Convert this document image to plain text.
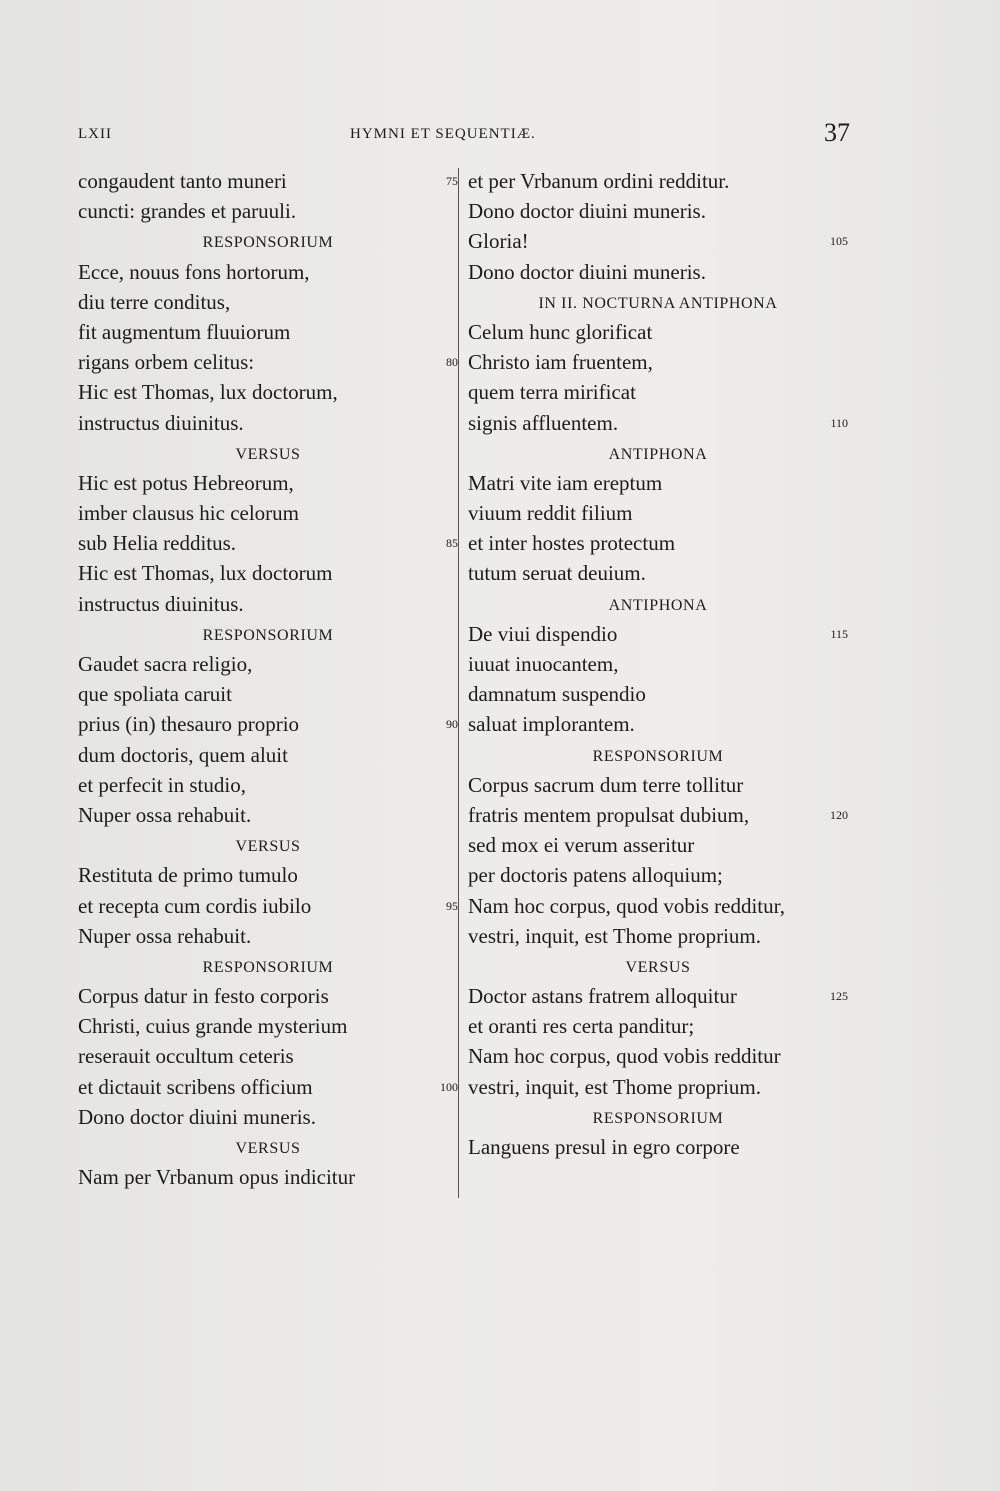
LXII	HYMNI ET SEQUENTIÆ.	37
congaudent tanto muneri	75
cuncti: grandes et paruuli.
RESPONSORIUM
Ecce, nouus fons hortorum,
diu terre conditus,
fit augmentum fluuiorum
rigans orbem celitus:	80
Hic est Thomas, lux doctorum,
instructus diuinitus.
VERSUS
Hic est potus Hebreorum,
imber clausus hic celorum
sub Helia redditus.	85
Hic est Thomas, lux doctorum
instructus diuinitus.
RESPONSORIUM
Gaudet sacra religio,
que spoliata caruit
prius (in) thesauro proprio	90
dum doctoris, quem aluit
et perfecit in studio,
Nuper ossa rehabuit.
VERSUS
Restituta de primo tumulo
et recepta cum cordis iubilo	95
Nuper ossa rehabuit.
RESPONSORIUM
Corpus datur in festo corporis
Christi, cuius grande mysterium
reserauit occultum ceteris
et dictauit scribens officium	100
Dono doctor diuini muneris.
VERSUS
Nam per Vrbanum opus indicitur
et per Vrbanum ordini redditur.
Dono doctor diuini muneris.
Gloria!	105
Dono doctor diuini muneris.
IN II. NOCTURNA ANTIPHONA
Celum hunc glorificat
Christo iam fruentem,
quem terra mirificat
signis affluentem.	110
ANTIPHONA
Matri vite iam ereptum
viuum reddit filium
et inter hostes protectum
tutum seruat deuium.
ANTIPHONA
De viui dispendio	115
iuuat inuocantem,
damnatum suspendio
saluat implorantem.
RESPONSORIUM
Corpus sacrum dum terre tollitur
fratris mentem propulsat dubium,	120
sed mox ei verum asseritur
per doctoris patens alloquium;
Nam hoc corpus, quod vobis redditur,
vestri, inquit, est Thome proprium.
VERSUS
Doctor astans fratrem alloquitur	125
et oranti res certa panditur;
Nam hoc corpus, quod vobis redditur
vestri, inquit, est Thome proprium.
RESPONSORIUM
Languens presul in egro corpore
